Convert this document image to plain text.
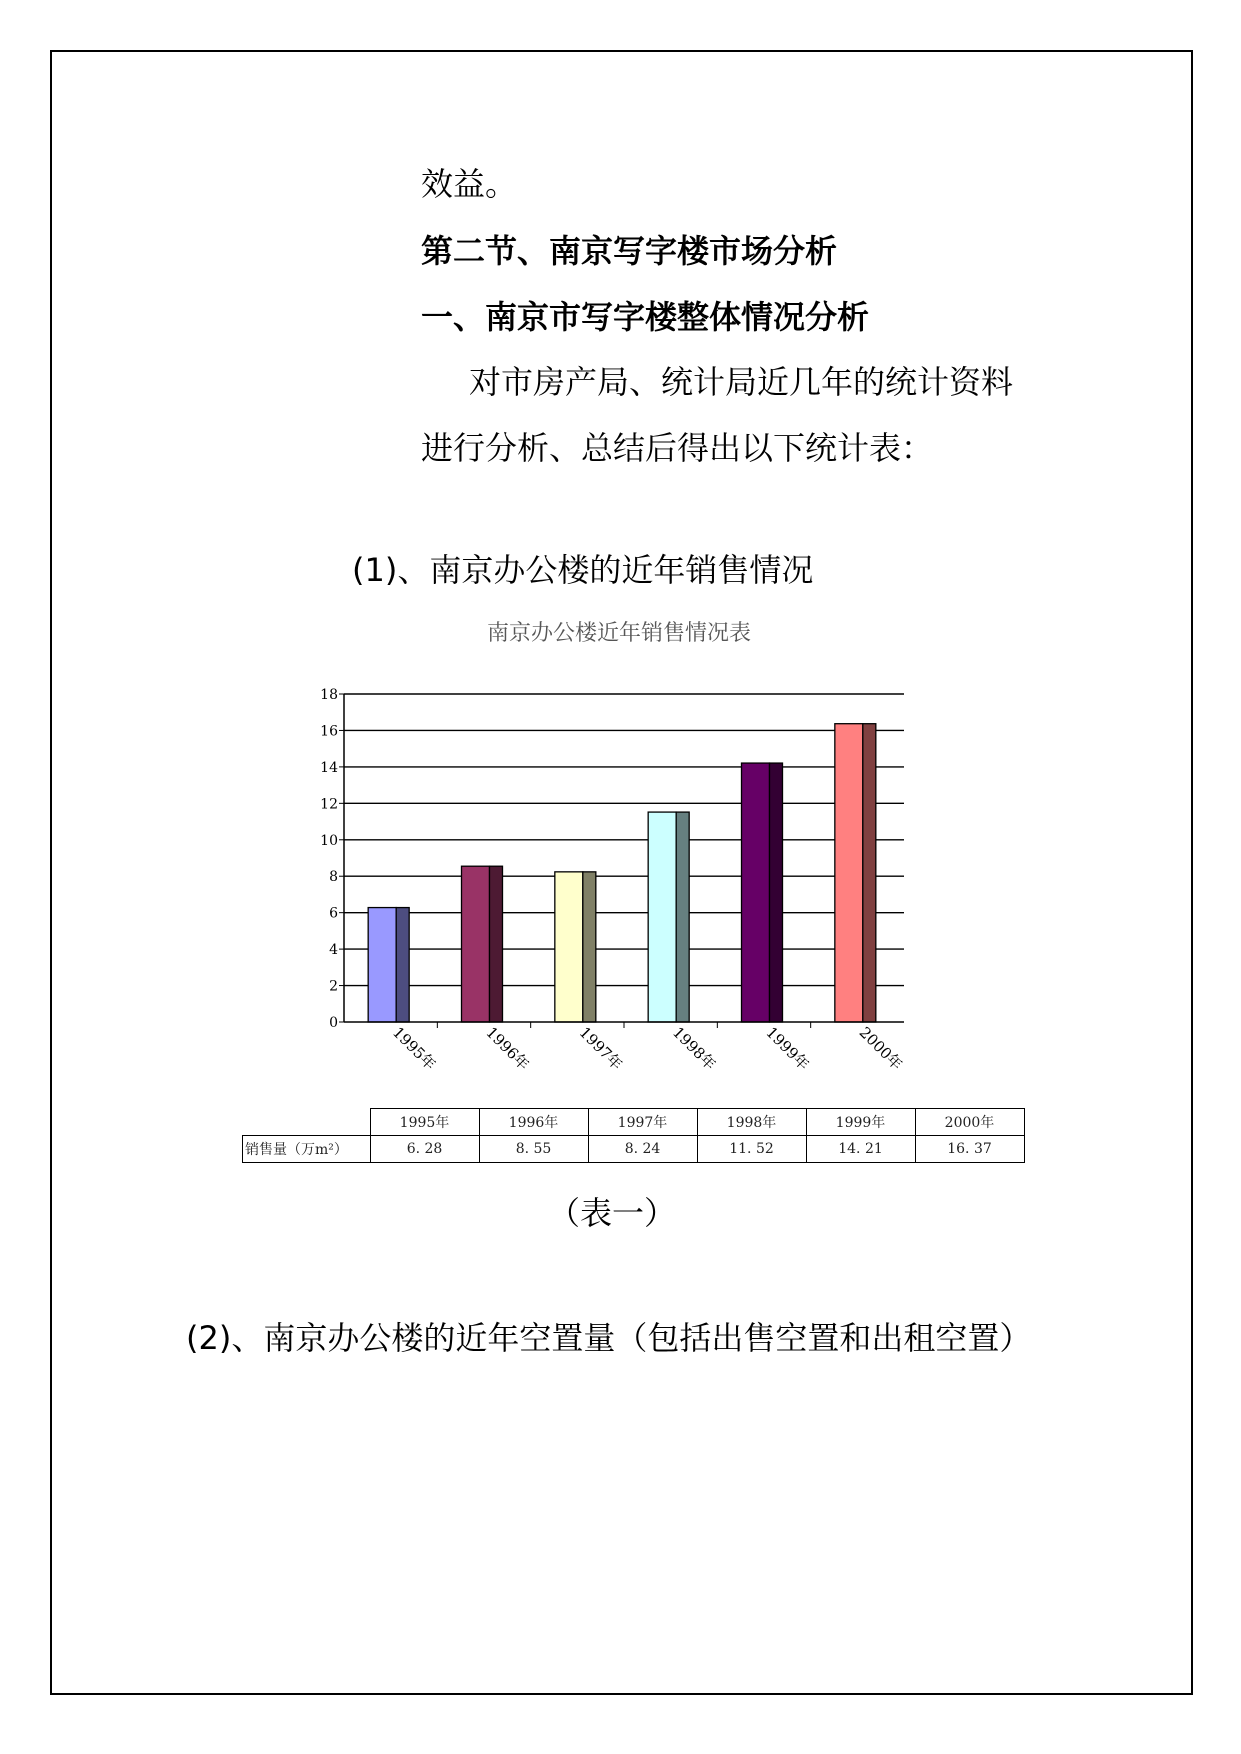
效益。
第二节、南京写字楼市场分析
一、南京市写字楼整体情况分析
对市房产局、统计局近几年的统计资料
进行分析、总结后得出以下统计表：
(1)、南京办公楼的近年销售情况
南京办公楼近年销售情况表
0
2
4
6
8
10
12
14
16
18
1995年	1996年	1997年	1998年	1999年	2000年
	1995年	1996年	1997年	1998年	1999年	2000年
销售量（万m²）	6. 28	8. 55	8. 24	11. 52	14. 21	16. 37
（表一）
(2)、南京办公楼的近年空置量（包括出售空置和出租空置）
